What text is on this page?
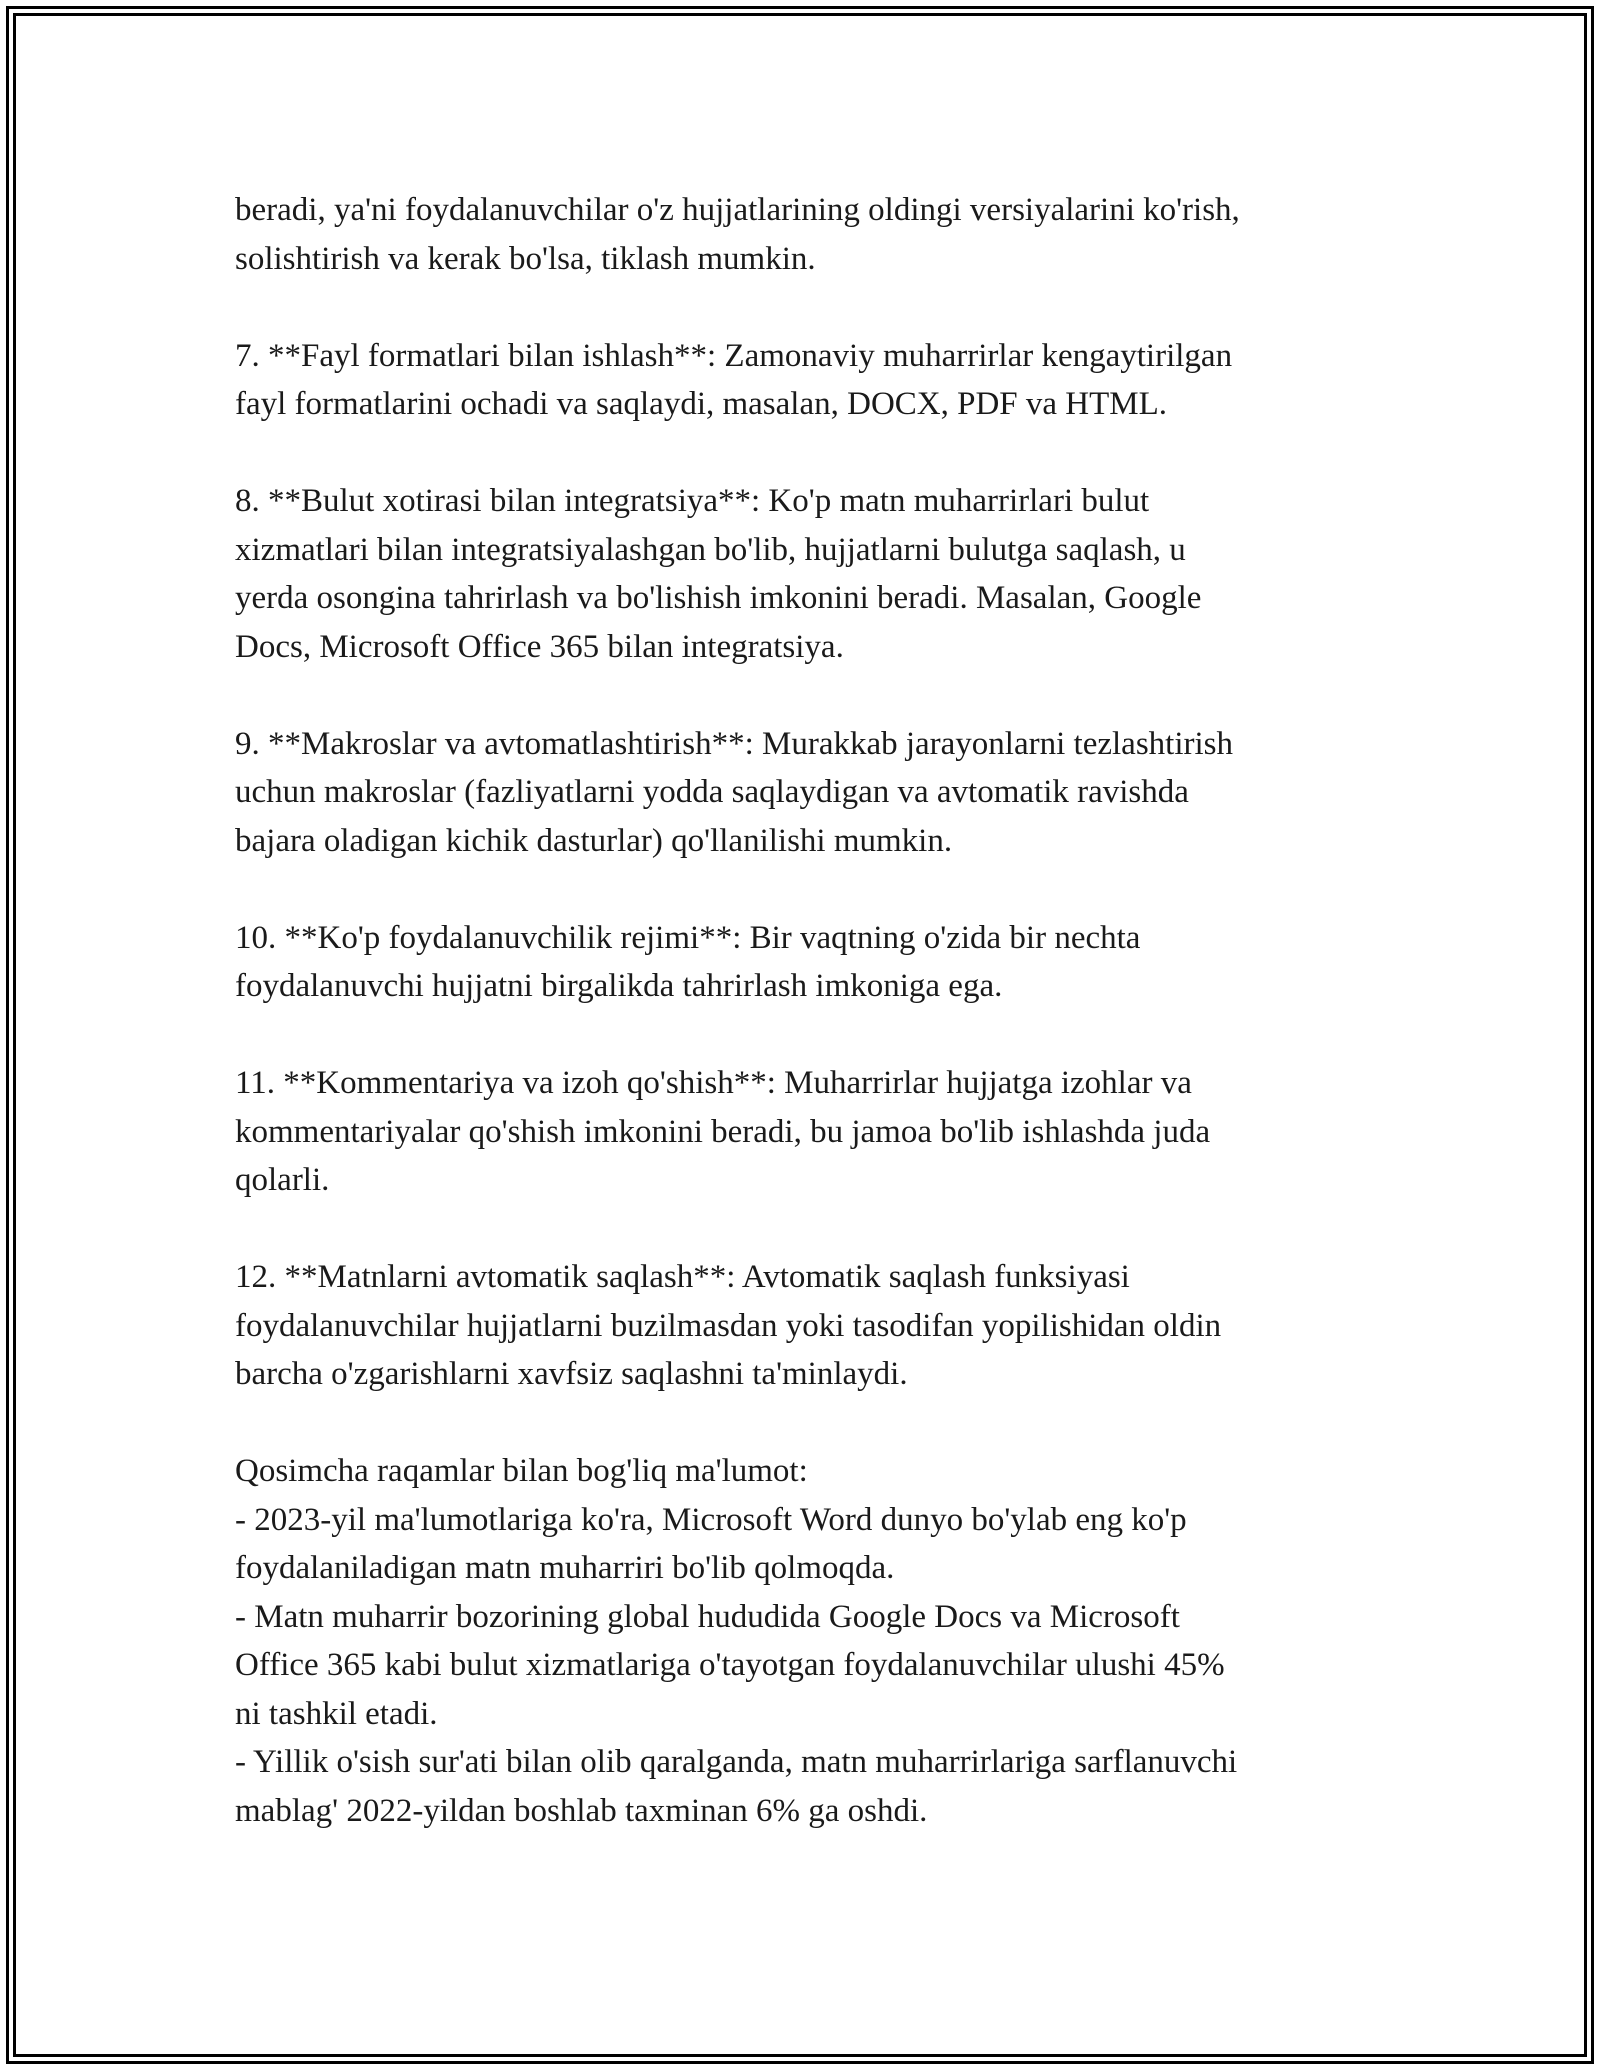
beradi, ya'ni foydalanuvchilar o'z hujjatlarining oldingi versiyalarini ko'rish,
solishtirish va kerak bo'lsa, tiklash mumkin.

7. **Fayl formatlari bilan ishlash**: Zamonaviy muharrirlar kengaytirilgan
fayl formatlarini ochadi va saqlaydi, masalan, DOCX, PDF va HTML.

8. **Bulut xotirasi bilan integratsiya**: Ko'p matn muharrirlari bulut
xizmatlari bilan integratsiyalashgan bo'lib, hujjatlarni bulutga saqlash, u
yerda osongina tahrirlash va bo'lishish imkonini beradi. Masalan, Google
Docs, Microsoft Office 365 bilan integratsiya.

9. **Makroslar va avtomatlashtirish**: Murakkab jarayonlarni tezlashtirish
uchun makroslar (fazliyatlarni yodda saqlaydigan va avtomatik ravishda
bajara oladigan kichik dasturlar) qo'llanilishi mumkin.

10. **Ko'p foydalanuvchilik rejimi**: Bir vaqtning o'zida bir nechta
foydalanuvchi hujjatni birgalikda tahrirlash imkoniga ega.

11. **Kommentariya va izoh qo'shish**: Muharrirlar hujjatga izohlar va
kommentariyalar qo'shish imkonini beradi, bu jamoa bo'lib ishlashda juda
qolarli.

12. **Matnlarni avtomatik saqlash**: Avtomatik saqlash funksiyasi
foydalanuvchilar hujjatlarni buzilmasdan yoki tasodifan yopilishidan oldin
barcha o'zgarishlarni xavfsiz saqlashni ta'minlaydi.

Qosimcha raqamlar bilan bog'liq ma'lumot:
- 2023-yil ma'lumotlariga ko'ra, Microsoft Word dunyo bo'ylab eng ko'p
foydalaniladigan matn muharriri bo'lib qolmoqda.
- Matn muharrir bozorining global hududida Google Docs va Microsoft
Office 365 kabi bulut xizmatlariga o'tayotgan foydalanuvchilar ulushi 45%
ni tashkil etadi.
- Yillik o'sish sur'ati bilan olib qaralganda, matn muharrirlariga sarflanuvchi
mablag' 2022-yildan boshlab taxminan 6% ga oshdi.
